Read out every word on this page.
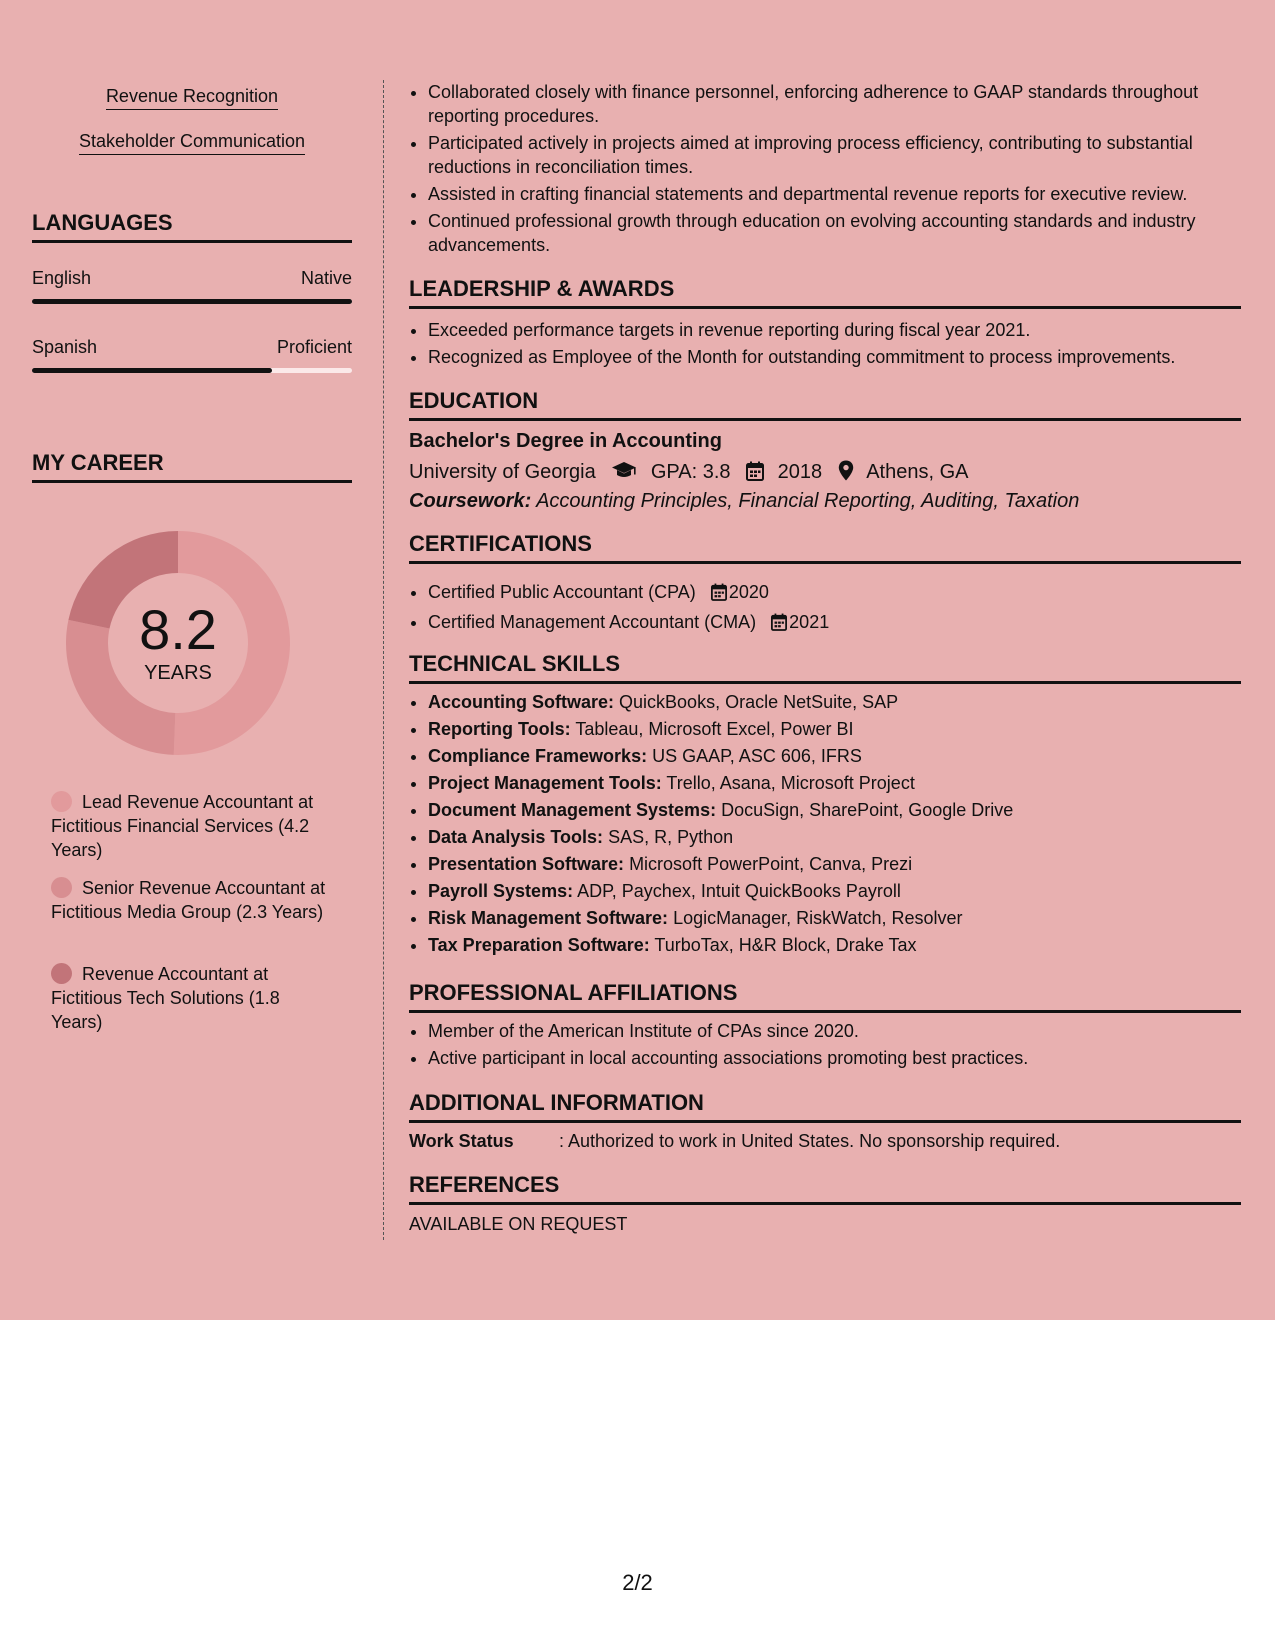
Revenue Recognition
Stakeholder Communication
LANGUAGES
English	Native
Spanish	Proficient
MY CAREER
8.2
YEARS
Lead Revenue Accountant at Fictitious Financial Services (4.2 Years)
Senior Revenue Accountant at Fictitious Media Group (2.3 Years)
Revenue Accountant at Fictitious Tech Solutions (1.8 Years)
• Collaborated closely with finance personnel, enforcing adherence to GAAP standards throughout reporting procedures.
• Participated actively in projects aimed at improving process efficiency, contributing to substantial reductions in reconciliation times.
• Assisted in crafting financial statements and departmental revenue reports for executive review.
• Continued professional growth through education on evolving accounting standards and industry advancements.
LEADERSHIP & AWARDS
• Exceeded performance targets in revenue reporting during fiscal year 2021.
• Recognized as Employee of the Month for outstanding commitment to process improvements.
EDUCATION
Bachelor's Degree in Accounting
University of Georgia	GPA: 3.8 2018 Athens, GA
Coursework: Accounting Principles, Financial Reporting, Auditing, Taxation
CERTIFICATIONS
• Certified Public Accountant (CPA) 2020
• Certified Management Accountant (CMA) 2021
TECHNICAL SKILLS
• Accounting Software: QuickBooks, Oracle NetSuite, SAP
• Reporting Tools: Tableau, Microsoft Excel, Power BI
• Compliance Frameworks: US GAAP, ASC 606, IFRS
• Project Management Tools: Trello, Asana, Microsoft Project
• Document Management Systems: DocuSign, SharePoint, Google Drive
• Data Analysis Tools: SAS, R, Python
• Presentation Software: Microsoft PowerPoint, Canva, Prezi
• Payroll Systems: ADP, Paychex, Intuit QuickBooks Payroll
• Risk Management Software: LogicManager, RiskWatch, Resolver
• Tax Preparation Software: TurboTax, H&R Block, Drake Tax
PROFESSIONAL AFFILIATIONS
• Member of the American Institute of CPAs since 2020.
• Active participant in local accounting associations promoting best practices.
ADDITIONAL INFORMATION
Work Status	: Authorized to work in United States. No sponsorship required.
REFERENCES
AVAILABLE ON REQUEST
2/2
